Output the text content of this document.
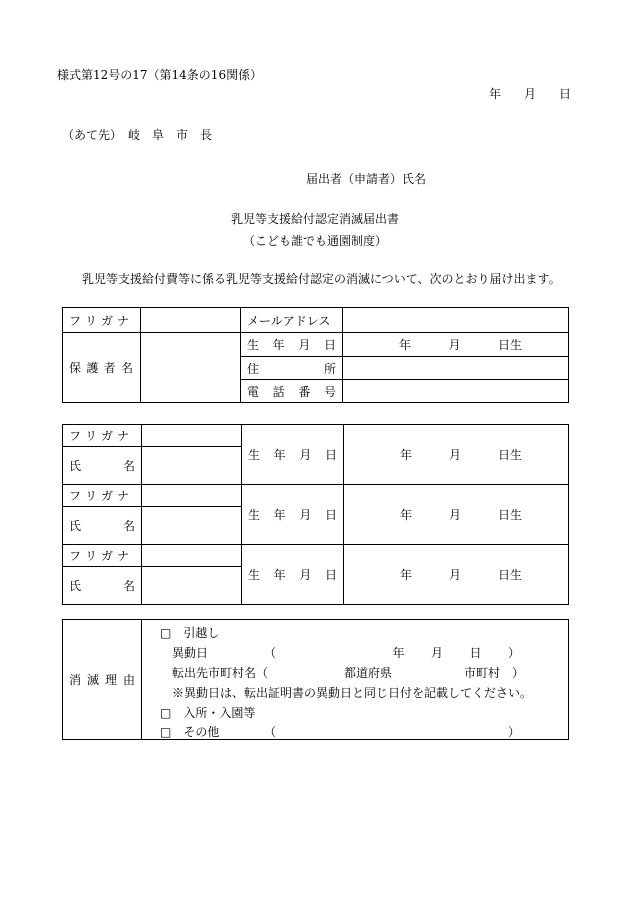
様式第12号の17（第14条の16関係）
年 月 日
（あて先）　岐　阜　市　長
届出者（申請者）氏名
乳児等支援給付認定消滅届出書
（こども誰でも通園制度）
乳児等支援給付費等に係る乳児等支援給付認定の消滅について、次のとおり届け出ます。
フ リ ガ ナ		メールアドレス	

保 護 者 名		生 年 月 日	年 月 日生

		住 所	

		電 話 番 号	

フ リ ガ ナ		生 年 月 日	年 月 日生

氏 名			

フ リ ガ ナ		生 年 月 日	年 月 日生

氏 名			

フ リ ガ ナ		生 年 月 日	年 月 日生

氏 名			

消 滅 理 由

□　引越し
異動日	（	年 月 日 ）
転出先市町村名（	都道府県	市町村　）
※異動日は、転出証明書の異動日と同じ日付を記載してください。
□　入所・入園等
□　その他	（	）
